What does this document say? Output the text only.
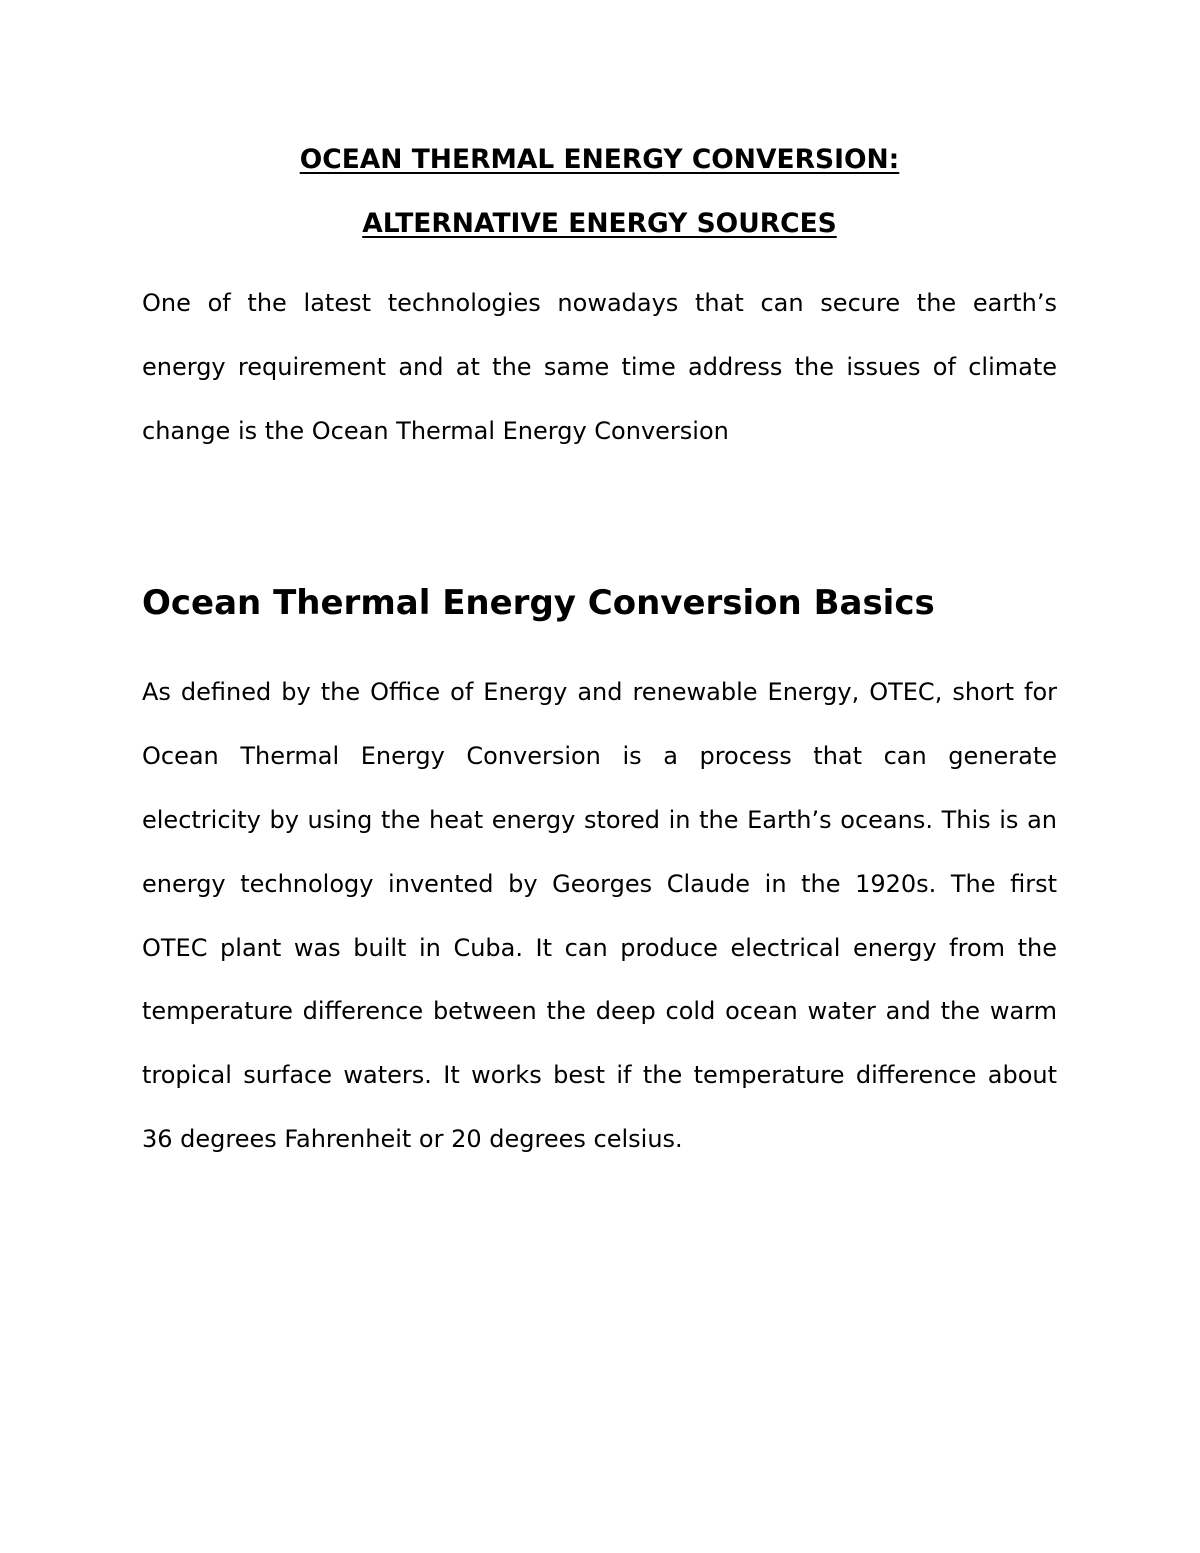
OCEAN THERMAL ENERGY CONVERSION:
ALTERNATIVE ENERGY SOURCES

One of the latest technologies nowadays that can secure the earth’s energy requirement and at the same time address the issues of climate change is the Ocean Thermal Energy Conversion

Ocean Thermal Energy Conversion Basics

As defined by the Office of Energy and renewable Energy, OTEC, short for Ocean Thermal Energy Conversion is a process that can generate electricity by using the heat energy stored in the Earth’s oceans. This is an energy technology invented by Georges Claude in the 1920s. The first OTEC plant was built in Cuba. It can produce electrical energy from the temperature difference between the deep cold ocean water and the warm tropical surface waters. It works best if the temperature difference about 36 degrees Fahrenheit or 20 degrees celsius.
